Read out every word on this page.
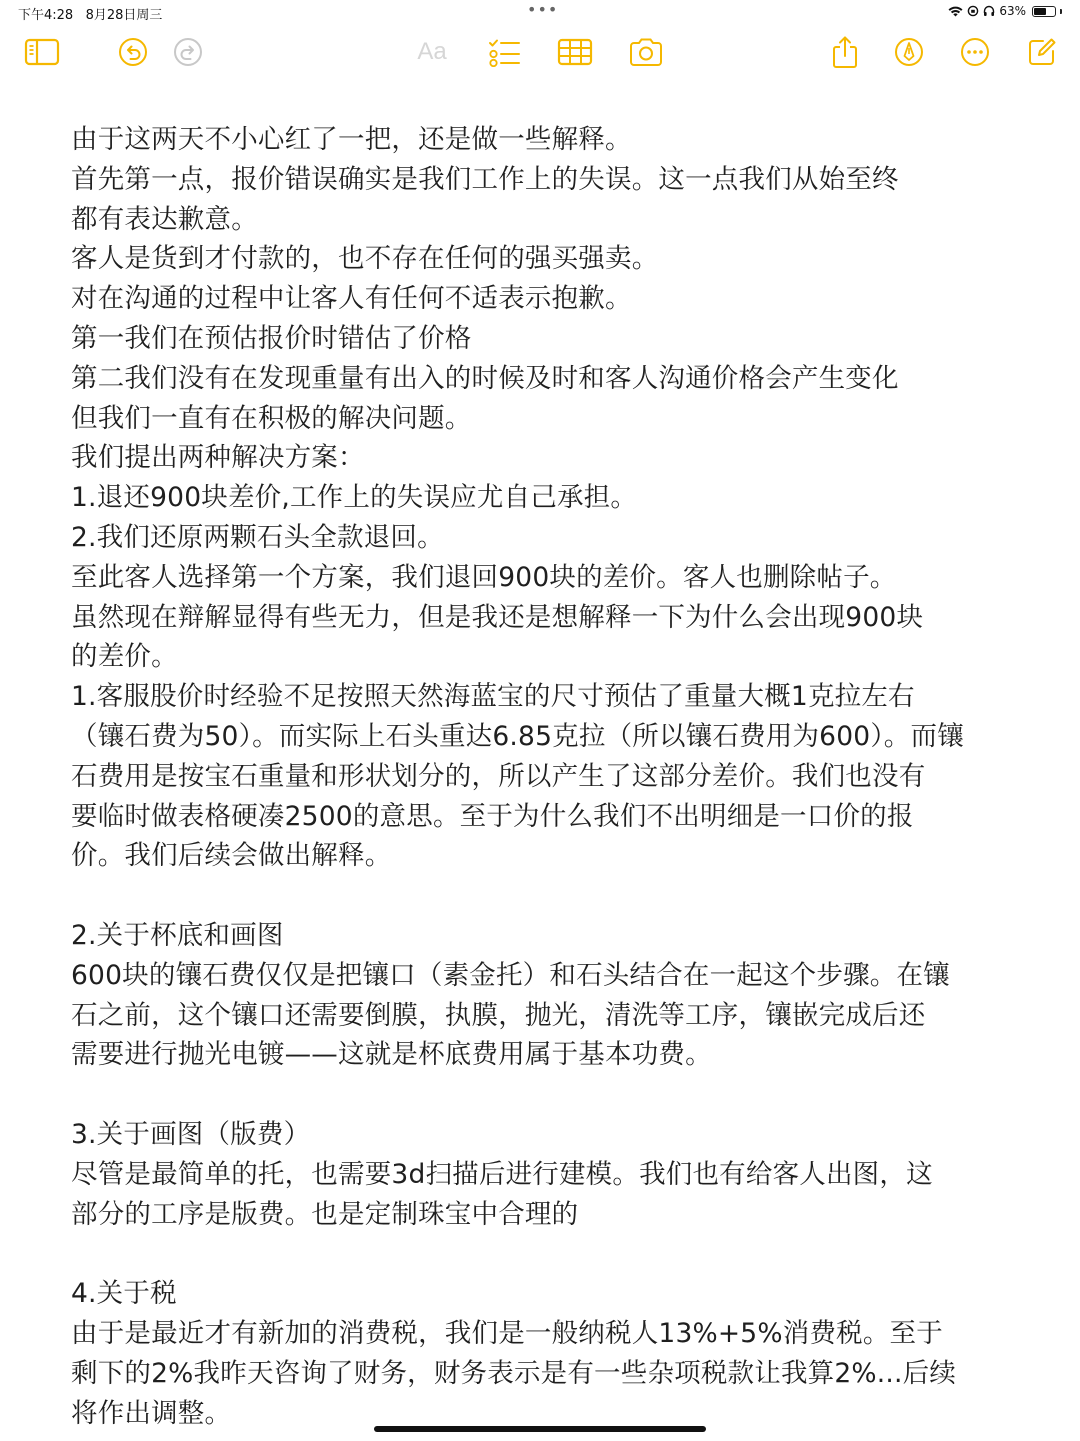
下午4:28 8月28日周三	•••	63%
Aa
由于这两天不小心红了一把，还是做一些解释。
首先第一点，报价错误确实是我们工作上的失误。这一点我们从始至终
都有表达歉意。
客人是货到才付款的，也不存在任何的强买强卖。
对在沟通的过程中让客人有任何不适表示抱歉。
第一我们在预估报价时错估了价格
第二我们没有在发现重量有出入的时候及时和客人沟通价格会产生变化
但我们一直有在积极的解决问题。
我们提出两种解决方案：
1.退还900块差价,工作上的失误应尤自己承担。
2.我们还原两颗石头全款退回。
至此客人选择第一个方案，我们退回900块的差价。客人也删除帖子。
虽然现在辩解显得有些无力，但是我还是想解释一下为什么会出现900块
的差价。
1.客服股价时经验不足按照天然海蓝宝的尺寸预估了重量大概1克拉左右
（镶石费为50）。而实际上石头重达6.85克拉（所以镶石费用为600）。而镶
石费用是按宝石重量和形状划分的，所以产生了这部分差价。我们也没有
要临时做表格硬凑2500的意思。至于为什么我们不出明细是一口价的报
价。我们后续会做出解释。
2.关于杯底和画图
600块的镶石费仅仅是把镶口（素金托）和石头结合在一起这个步骤。在镶
石之前，这个镶口还需要倒膜，执膜，抛光，清洗等工序，镶嵌完成后还
需要进行抛光电镀——这就是杯底费用属于基本功费。
3.关于画图（版费）
尽管是最简单的托，也需要3d扫描后进行建模。我们也有给客人出图，这
部分的工序是版费。也是定制珠宝中合理的
4.关于税
由于是最近才有新加的消费税，我们是一般纳税人13%+5%消费税。至于
剩下的2%我昨天咨询了财务，财务表示是有一些杂项税款让我算2%...后续
将作出调整。
